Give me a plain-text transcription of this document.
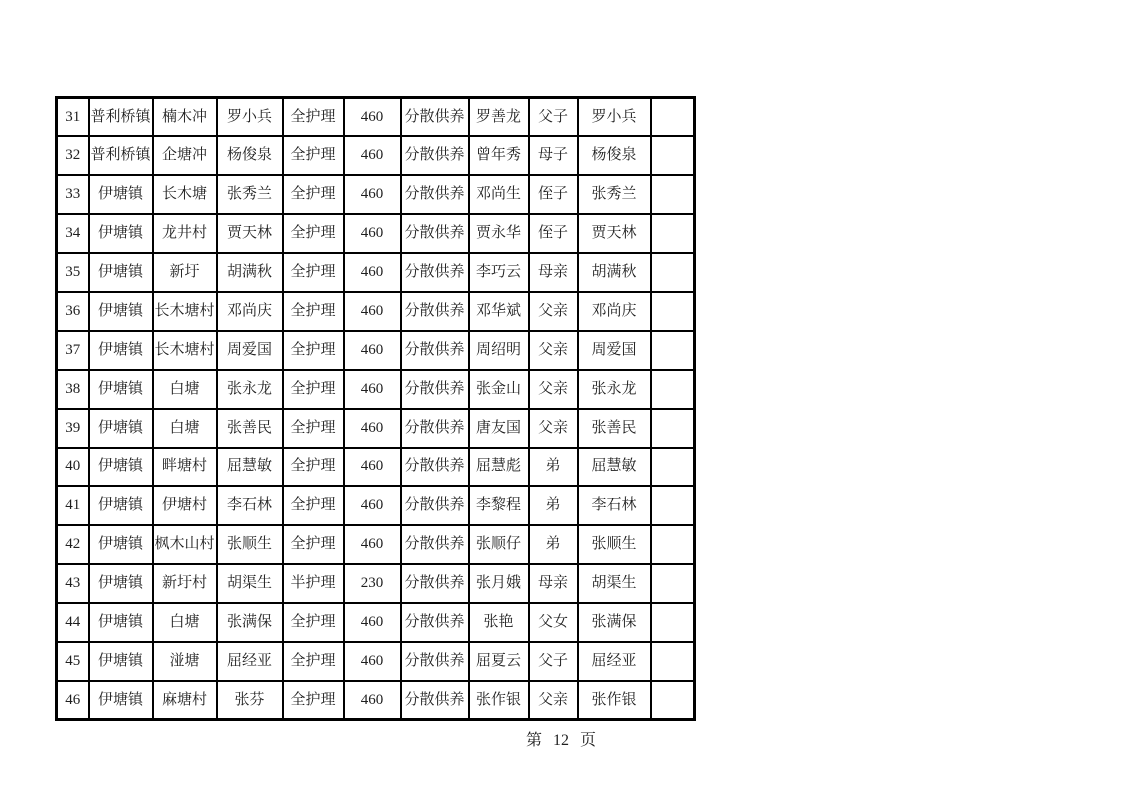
31	普利桥镇	楠木冲	罗小兵	全护理	460	分散供养	罗善龙	父子	罗小兵	
32	普利桥镇	企塘冲	杨俊泉	全护理	460	分散供养	曾年秀	母子	杨俊泉	
33	伊塘镇	长木塘	张秀兰	全护理	460	分散供养	邓尚生	侄子	张秀兰	
34	伊塘镇	龙井村	贾天林	全护理	460	分散供养	贾永华	侄子	贾天林	
35	伊塘镇	新圩	胡满秋	全护理	460	分散供养	李巧云	母亲	胡满秋	
36	伊塘镇	长木塘村	邓尚庆	全护理	460	分散供养	邓华斌	父亲	邓尚庆	
37	伊塘镇	长木塘村	周爱国	全护理	460	分散供养	周绍明	父亲	周爱国	
38	伊塘镇	白塘	张永龙	全护理	460	分散供养	张金山	父亲	张永龙	
39	伊塘镇	白塘	张善民	全护理	460	分散供养	唐友国	父亲	张善民	
40	伊塘镇	畔塘村	屈慧敏	全护理	460	分散供养	屈慧彪	弟	屈慧敏	
41	伊塘镇	伊塘村	李石林	全护理	460	分散供养	李黎程	弟	李石林	
42	伊塘镇	枫木山村	张顺生	全护理	460	分散供养	张顺仔	弟	张顺生	
43	伊塘镇	新圩村	胡渠生	半护理	230	分散供养	张月娥	母亲	胡渠生	
44	伊塘镇	白塘	张满保	全护理	460	分散供养	张艳	父女	张满保	
45	伊塘镇	湴塘	屈经亚	全护理	460	分散供养	屈夏云	父子	屈经亚	
46	伊塘镇	麻塘村	张芬	全护理	460	分散供养	张作银	父亲	张作银	
第 12 页
